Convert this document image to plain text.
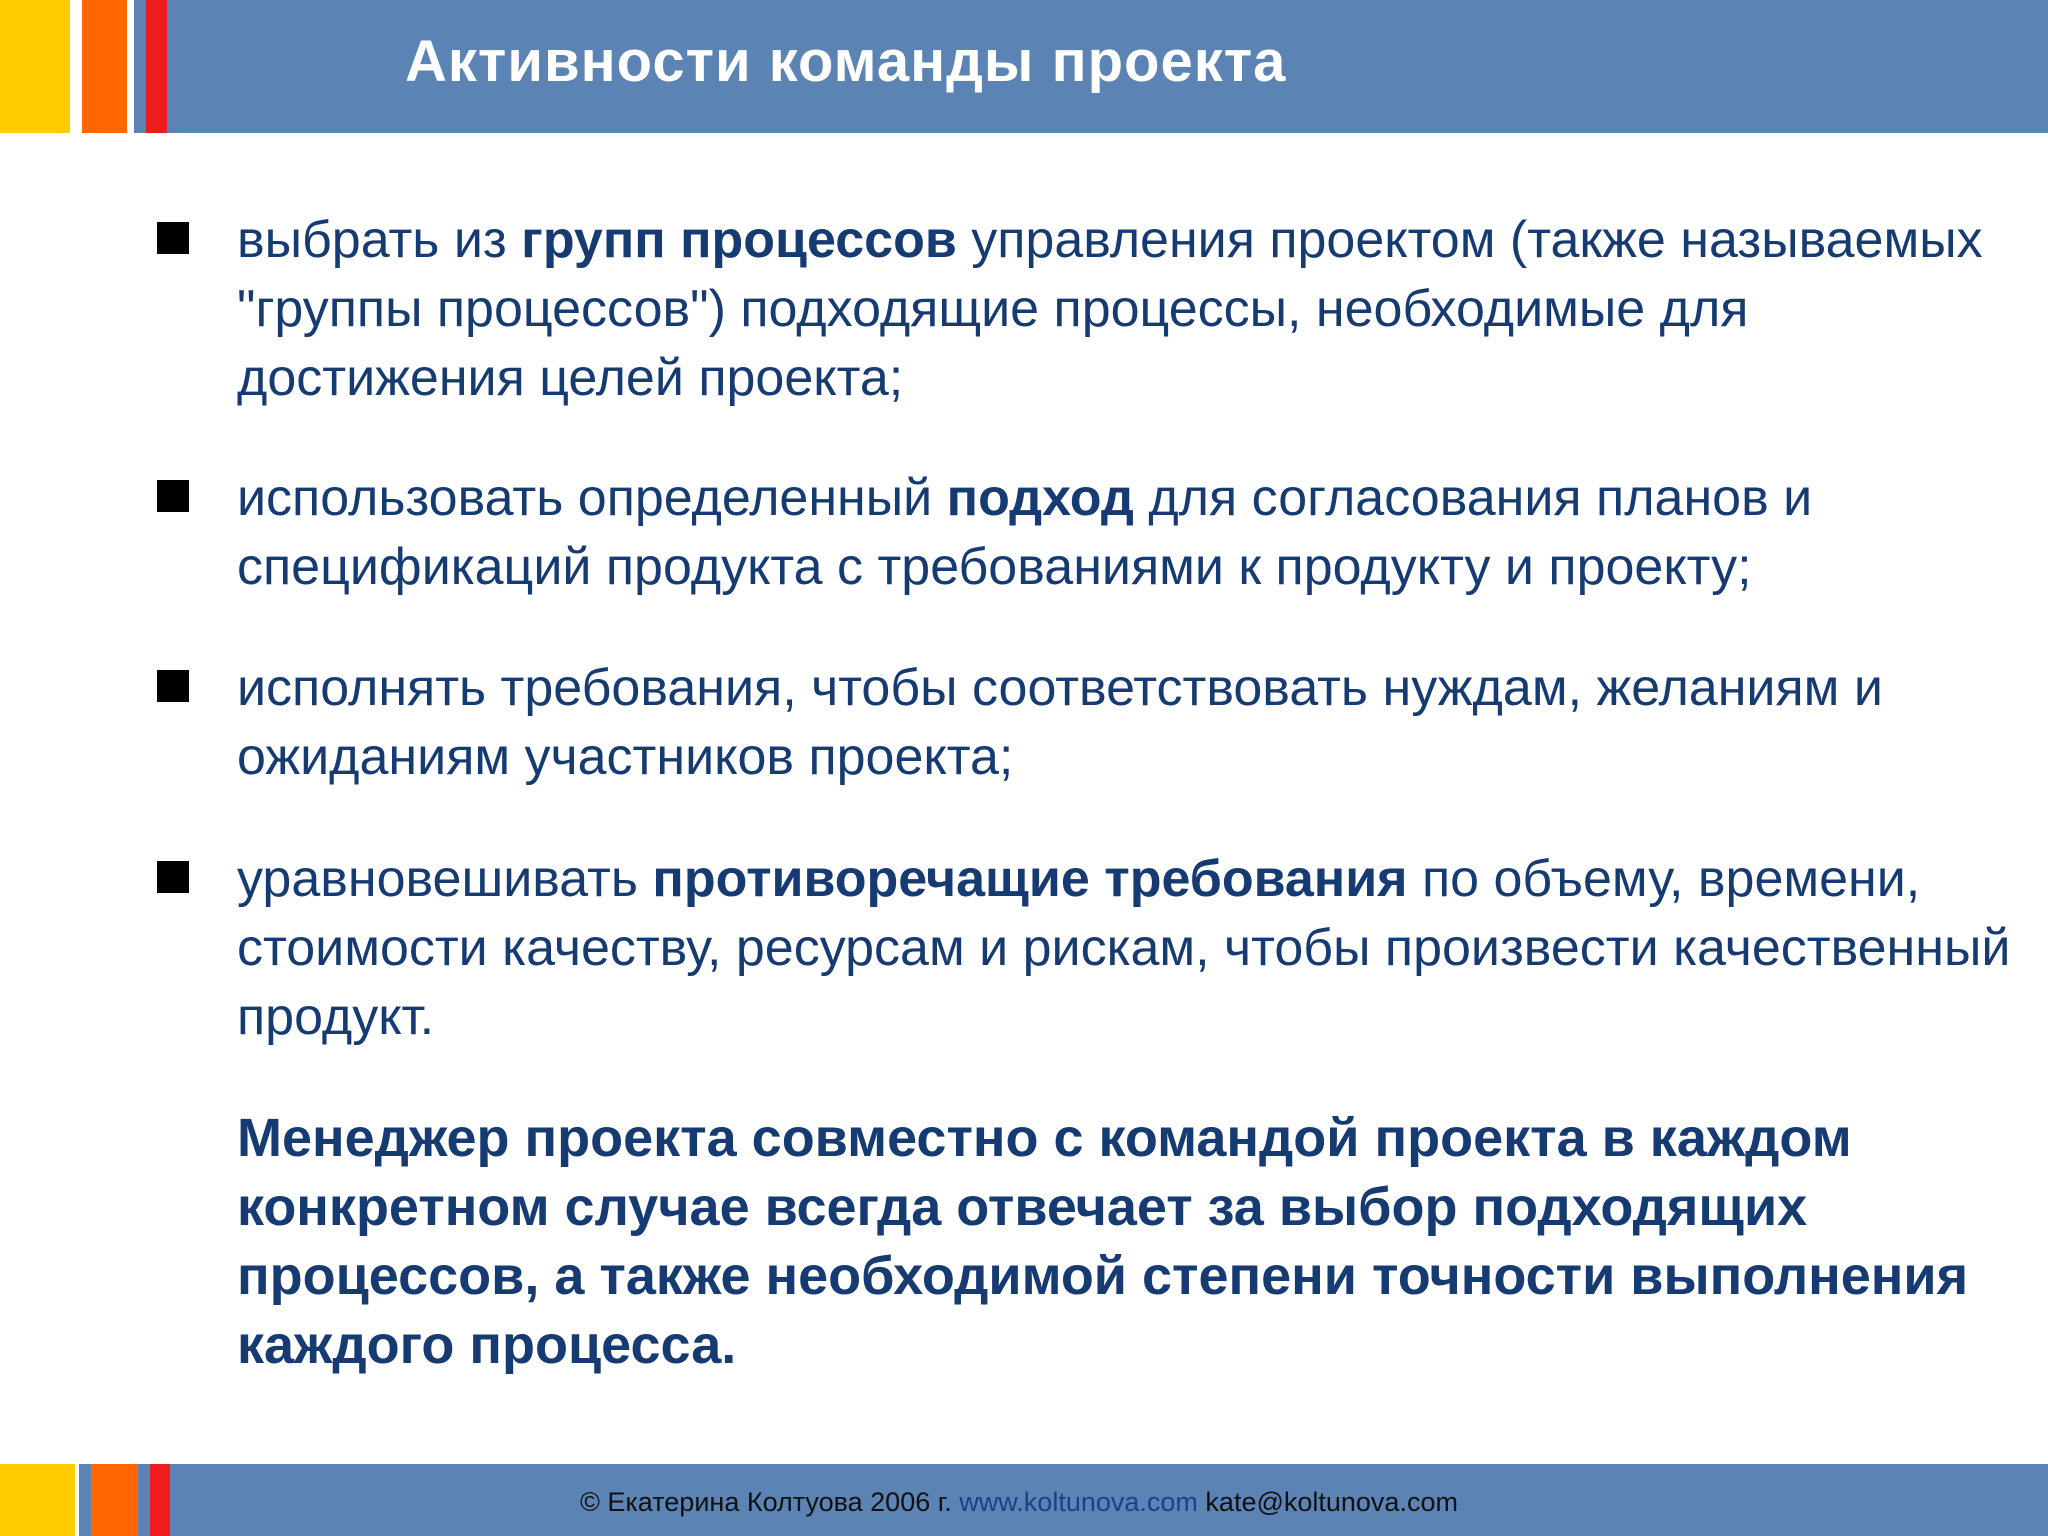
Активности команды проекта
выбрать из групп процессов управления проектом (также называемых "группы процессов") подходящие процессы, необходимые для достижения целей проекта;
использовать определенный подход для согласования планов и спецификаций продукта с требованиями к продукту и проекту;
исполнять требования, чтобы соответствовать нуждам, желаниям и ожиданиям участников проекта;
уравновешивать противоречащие требования по объему, времени, стоимости качеству, ресурсам и рискам, чтобы произвести качественный продукт.
Менеджер проекта совместно с командой проекта в каждом конкретном случае всегда отвечает за выбор подходящих процессов, а также необходимой степени точности выполнения каждого процесса.
© Екатерина Колтуова 2006 г. www.koltunova.com kate@koltunova.com
